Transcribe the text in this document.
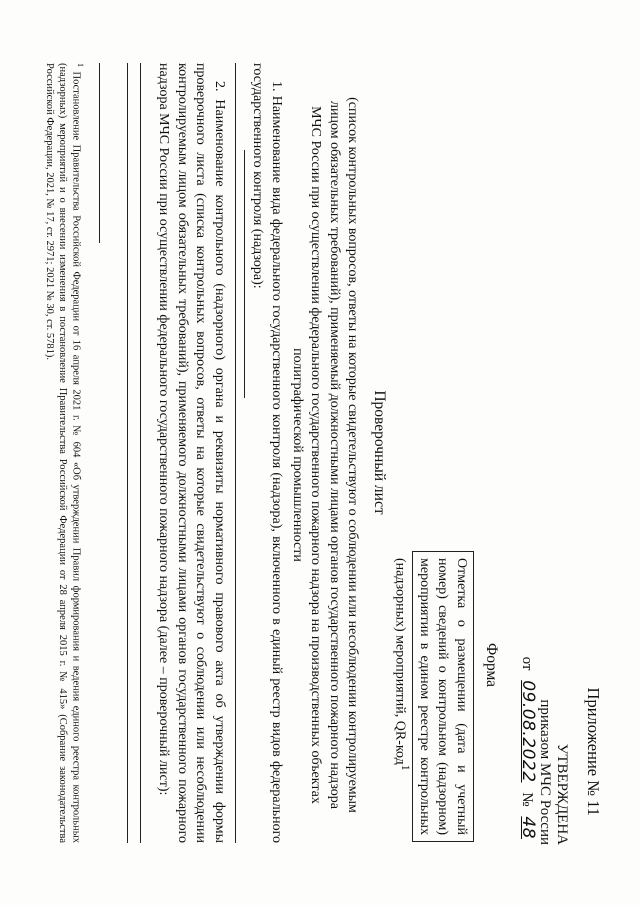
Приложение № 11

УТВЕРЖДЕНА
приказом МЧС России
от 09.08.2022 № 48

Форма

Отметка о размещении (дата и учетный номер) сведений о контрольном (надзорном) мероприятии в едином реестре контрольных (надзорных) мероприятий, QR-код$^1$

Проверочный лист

(список контрольных вопросов, ответы на которые свидетельствуют о соблюдении или несоблюдении контролируемым лицом обязательных требований), применяемый должностными лицами органов государственного пожарного надзора МЧС России при осуществлении федерального государственного пожарного надзора на производственных объектах полиграфической промышленности

1. Наименование вида федерального государственного контроля (надзора), включенного в единый реестр видов федерального государственного контроля (надзора):

2. Наименование контрольного (надзорного) органа и реквизиты нормативного правового акта об утверждении формы проверочного листа (списка контрольных вопросов, ответы на которые свидетельствуют о соблюдении или несоблюдении контролируемым лицом обязательных требований), применяемого должностными лицами органов государственного пожарного надзора МЧС России при осуществлении федерального государственного пожарного надзора (далее – проверочный лист):

$^1$ Постановление Правительства Российской Федерации от 16 апреля 2021 г. № 604 «Об утверждении Правил формирования и ведения единого реестра контрольных (надзорных) мероприятий и о внесении изменения в постановление Правительства Российской Федерации от 28 апреля 2015 г. № 415» (Собрание законодательства Российской Федерации, 2021, № 17, ст. 2971; 2021 № 30, ст. 5781).
